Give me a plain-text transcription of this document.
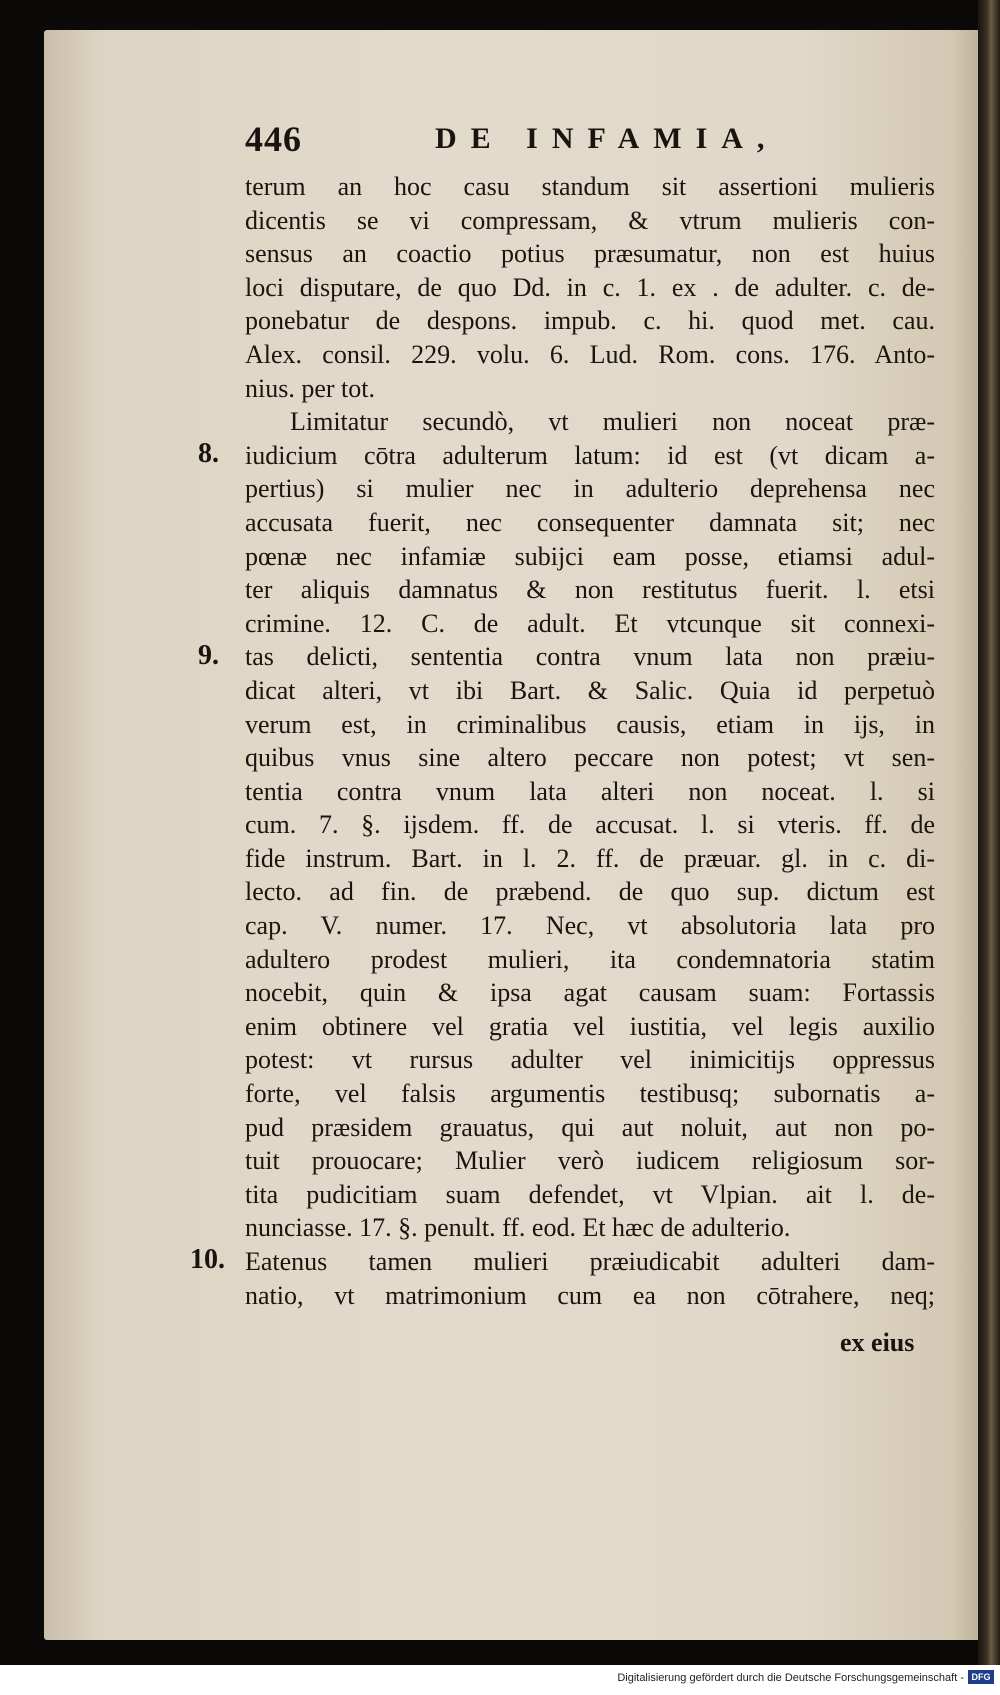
446	DE INFAMIA,
terum an hoc casu standum sit assertioni mulieris
dicentis se vi compressam, & vtrum mulieris con-
sensus an coactio potius præsumatur, non est huius
loci disputare, de quo Dd. in c. 1. ex . de adulter. c. de-
ponebatur de despons. impub. c. hi. quod met. cau.
Alex. consil. 229. volu. 6. Lud. Rom. cons. 176. Anto-
nius. per tot.
Limitatur secundò, vt mulieri non noceat præ-
iudicium cōtra adulterum latum: id est (vt dicam a-
pertius) si mulier nec in adulterio deprehensa nec
accusata fuerit, nec consequenter damnata sit; nec
pœnæ nec infamiæ subijci eam posse, etiamsi adul-
ter aliquis damnatus & non restitutus fuerit. l. etsi
crimine. 12. C. de adult. Et vtcunque sit connexi-
tas delicti, sententia contra vnum lata non præiu-
dicat alteri, vt ibi Bart. & Salic. Quia id perpetuò
verum est, in criminalibus causis, etiam in ijs, in
quibus vnus sine altero peccare non potest; vt sen-
tentia contra vnum lata alteri non noceat. l. si
cum. 7. §. ijsdem. ff. de accusat. l. si vteris. ff. de
fide instrum. Bart. in l. 2. ff. de præuar. gl. in c. di-
lecto. ad fin. de præbend. de quo sup. dictum est
cap. V. numer. 17. Nec, vt absolutoria lata pro
adultero prodest mulieri, ita condemnatoria statim
nocebit, quin & ipsa agat causam suam: Fortassis
enim obtinere vel gratia vel iustitia, vel legis auxilio
potest: vt rursus adulter vel inimicitijs oppressus
forte, vel falsis argumentis testibusq; subornatis a-
pud præsidem grauatus, qui aut noluit, aut non po-
tuit prouocare; Mulier verò iudicem religiosum sor-
tita pudicitiam suam defendet, vt Vlpian. ait l. de-
nunciasse. 17. §. penult. ff. eod. Et hæc de adulterio.
Eatenus tamen mulieri præiudicabit adulteri dam-
natio, vt matrimonium cum ea non cōtrahere, neq;
8.
9.
10.
ex eius
Digitalisierung gefördert durch die Deutsche Forschungsgemeinschaft - DFG
